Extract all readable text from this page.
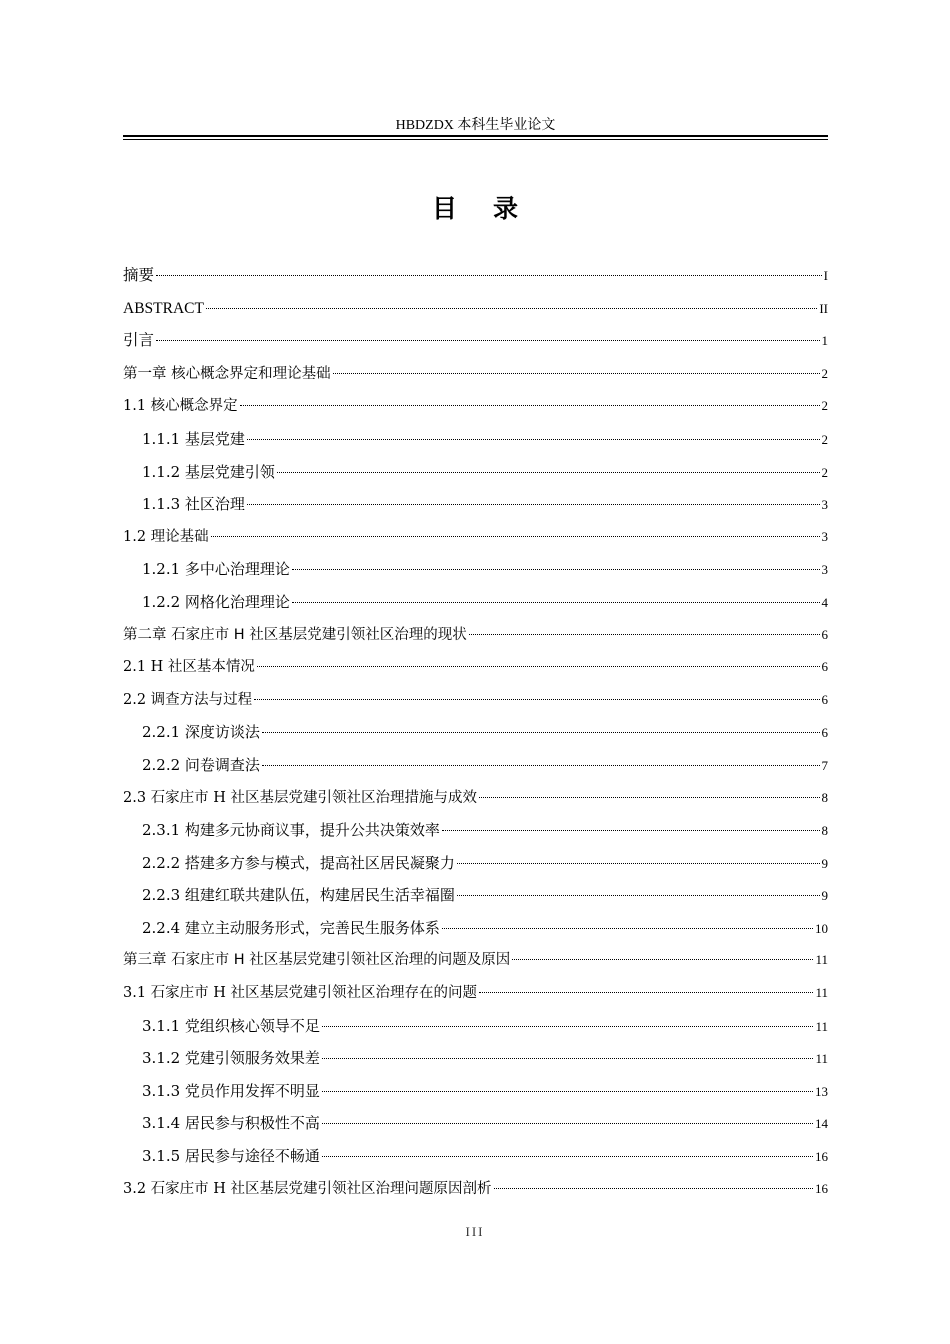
HBDZDX 本科生毕业论文
目录
摘要	I
ABSTRACT	II
引言	1
第一章 核心概念界定和理论基础	2
1.1 核心概念界定	2
1.1.1 基层党建	2
1.1.2 基层党建引领	2
1.1.3 社区治理	3
1.2 理论基础	3
1.2.1 多中心治理理论	3
1.2.2 网格化治理理论	4
第二章 石家庄市 H 社区基层党建引领社区治理的现状	6
2.1 H 社区基本情况	6
2.2 调查方法与过程	6
2.2.1 深度访谈法	6
2.2.2 问卷调查法	7
2.3 石家庄市 H 社区基层党建引领社区治理措施与成效	8
2.3.1 构建多元协商议事，提升公共决策效率	8
2.2.2 搭建多方参与模式，提高社区居民凝聚力	9
2.2.3 组建红联共建队伍，构建居民生活幸福圈	9
2.2.4 建立主动服务形式，完善民生服务体系	10
第三章 石家庄市 H 社区基层党建引领社区治理的问题及原因	11
3.1 石家庄市 H 社区基层党建引领社区治理存在的问题	11
3.1.1 党组织核心领导不足	11
3.1.2 党建引领服务效果差	11
3.1.3 党员作用发挥不明显	13
3.1.4 居民参与积极性不高	14
3.1.5 居民参与途径不畅通	16
3.2 石家庄市 H 社区基层党建引领社区治理问题原因剖析	16
III
